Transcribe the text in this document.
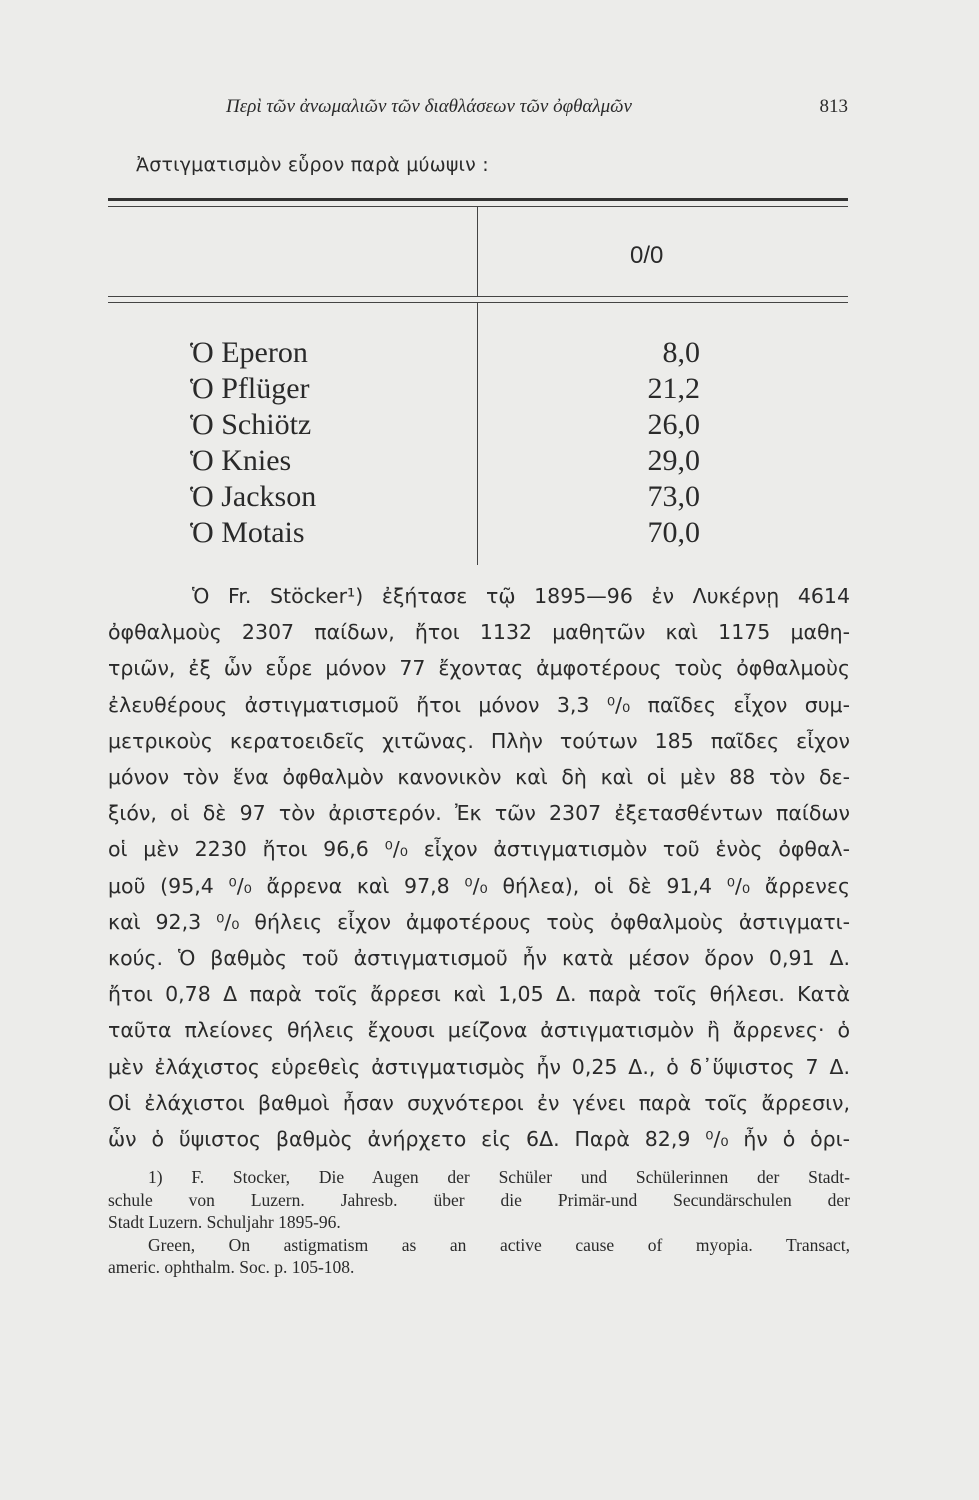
Περὶ τῶν ἀνωμαλιῶν τῶν διαθλάσεων τῶν ὀφθαλμῶν	813
Ἀστιγματισμὸν εὗρον παρὰ μύωψιν :
0/0
Ὁ Eperon	8,0
Ὁ Pflüger	21,2
Ὁ Schiötz	26,0
Ὁ Knies	29,0
Ὁ Jackson	73,0
Ὁ Motais	70,0
Ὁ Fr. Stöcker¹) ἐξήτασε τῷ 1895—96 ἐν Λυκέρνῃ 4614
ὀφθαλμοὺς 2307 παίδων, ἤτοι 1132 μαθητῶν καὶ 1175 μαθη-
τριῶν, ἐξ ὧν εὗρε μόνον 77 ἔχοντας ἀμφοτέρους τοὺς ὀφθαλμοὺς
ἐλευθέρους ἀστιγματισμοῦ ἤτοι μόνον 3,3 ⁰/₀ παῖδες εἶχον συμ-
μετρικοὺς κερατοειδεῖς χιτῶνας. Πλὴν τούτων 185 παῖδες εἶχον
μόνον τὸν ἕνα ὀφθαλμὸν κανονικὸν καὶ δὴ καὶ οἱ μὲν 88 τὸν δε-
ξιόν, οἱ δὲ 97 τὸν ἀριστερόν. Ἐκ τῶν 2307 ἐξετασθέντων παίδων
οἱ μὲν 2230 ἤτοι 96,6 ⁰/₀ εἶχον ἀστιγματισμὸν τοῦ ἑνὸς ὀφθαλ-
μοῦ (95,4 ⁰/₀ ἄρρενα καὶ 97,8 ⁰/₀ θήλεα), οἱ δὲ 91,4 ⁰/₀ ἄρρενες
καὶ 92,3 ⁰/₀ θήλεις εἶχον ἀμφοτέρους τοὺς ὀφθαλμοὺς ἀστιγματι-
κούς. Ὁ βαθμὸς τοῦ ἀστιγματισμοῦ ἦν κατὰ μέσον ὅρον 0,91 Δ.
ἤτοι 0,78 Δ παρὰ τοῖς ἄρρεσι καὶ 1,05 Δ. παρὰ τοῖς θήλεσι. Κατὰ
ταῦτα πλείονες θήλεις ἔχουσι μείζονα ἀστιγματισμὸν ἢ ἄρρενες· ὁ
μὲν ἐλάχιστος εὑρεθεὶς ἀστιγματισμὸς ἦν 0,25 Δ., ὁ δ᾽ὕψιστος 7 Δ.
Οἱ ἐλάχιστοι βαθμοὶ ἦσαν συχνότεροι ἐν γένει παρὰ τοῖς ἄρρεσιν,
ὧν ὁ ὕψιστος βαθμὸς ἀνήρχετο εἰς 6Δ. Παρὰ 82,9 ⁰/₀ ἦν ὁ ὁρι-
1) F. Stocker, Die Augen der Schüler und Schülerinnen der Stadt-
schule von Luzern. Jahresb. über die Primär-und Secundärschulen der
Stadt Luzern. Schuljahr 1895-96.
Green, On astigmatism as an active cause of myopia. Transact,
americ. ophthalm. Soc. p. 105-108.
